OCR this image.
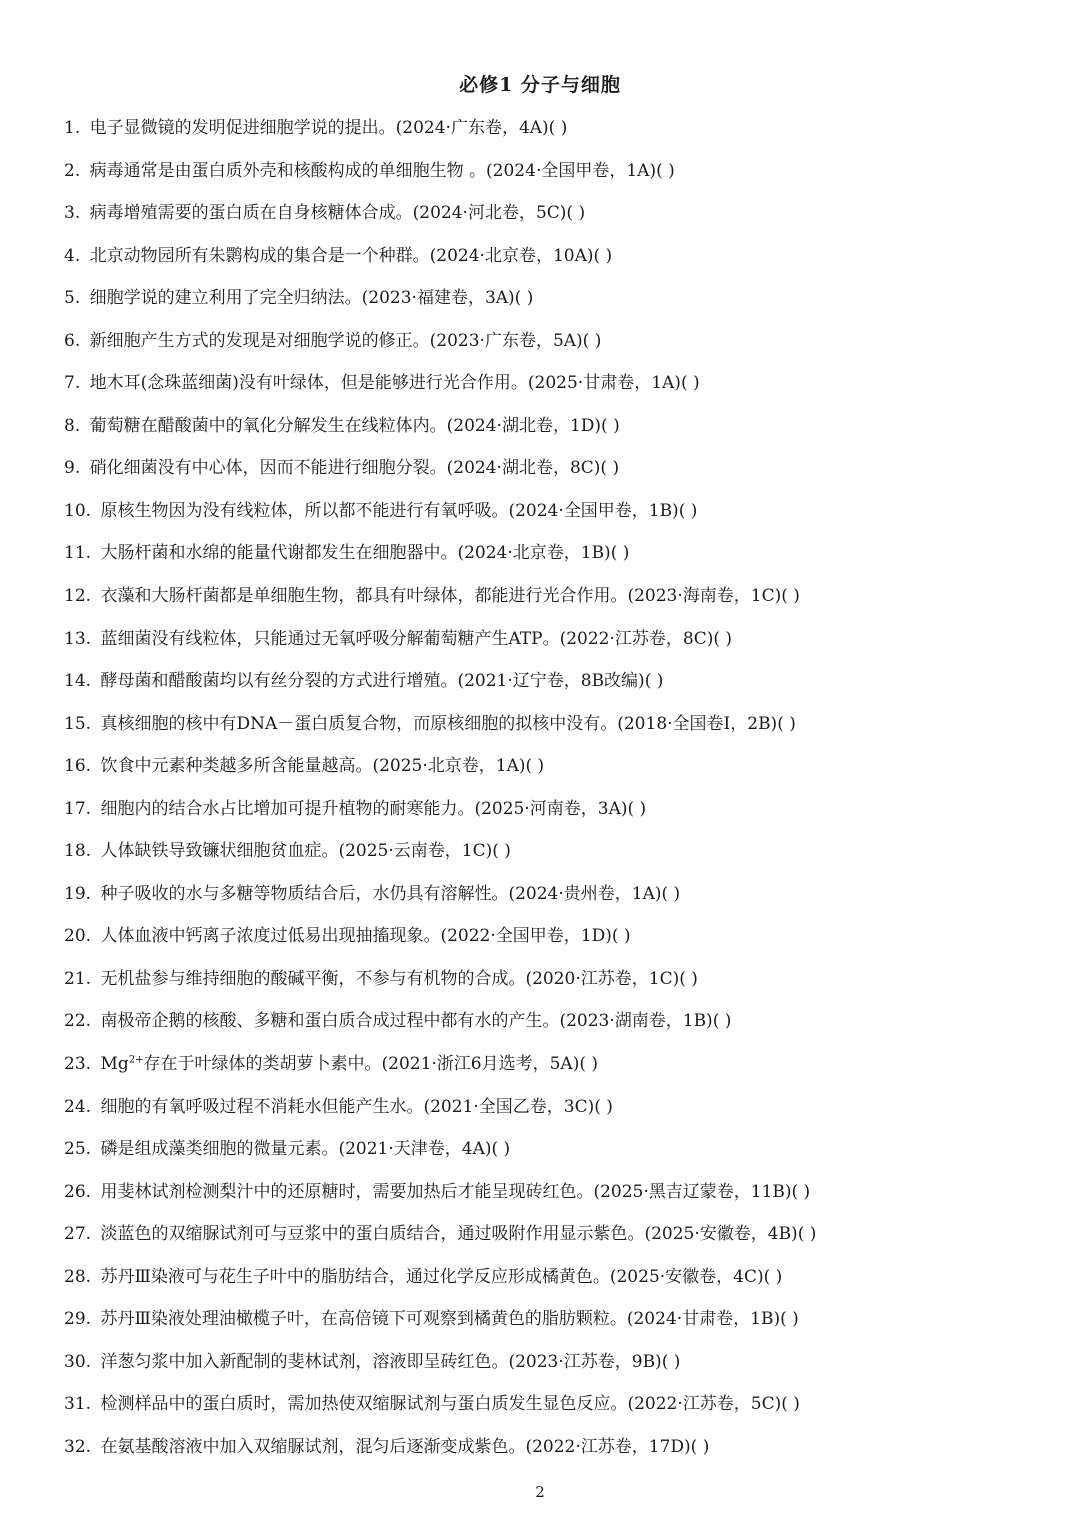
必修1 分子与细胞
1. 电子显微镜的发明促进细胞学说的提出。(2024·广东卷，4A)( )
2. 病毒通常是由蛋白质外壳和核酸构成的单细胞生物 。(2024·全国甲卷，1A)( )
3. 病毒增殖需要的蛋白质在自身核糖体合成。(2024·河北卷，5C)( )
4. 北京动物园所有朱鹮构成的集合是一个种群。(2024·北京卷，10A)( )
5. 细胞学说的建立利用了完全归纳法。(2023·福建卷，3A)( )
6. 新细胞产生方式的发现是对细胞学说的修正。(2023·广东卷，5A)( )
7. 地木耳(念珠蓝细菌)没有叶绿体，但是能够进行光合作用。(2025·甘肃卷，1A)( )
8. 葡萄糖在醋酸菌中的氧化分解发生在线粒体内。(2024·湖北卷，1D)( )
9. 硝化细菌没有中心体，因而不能进行细胞分裂。(2024·湖北卷，8C)( )
10. 原核生物因为没有线粒体，所以都不能进行有氧呼吸。(2024·全国甲卷，1B)( )
11. 大肠杆菌和水绵的能量代谢都发生在细胞器中。(2024·北京卷，1B)( )
12. 衣藻和大肠杆菌都是单细胞生物，都具有叶绿体，都能进行光合作用。(2023·海南卷，1C)( )
13. 蓝细菌没有线粒体，只能通过无氧呼吸分解葡萄糖产生ATP。(2022·江苏卷，8C)( )
14. 酵母菌和醋酸菌均以有丝分裂的方式进行增殖。(2021·辽宁卷，8B改编)( )
15. 真核细胞的核中有DNA－蛋白质复合物，而原核细胞的拟核中没有。(2018·全国卷Ⅰ，2B)( )
16. 饮食中元素种类越多所含能量越高。(2025·北京卷，1A)( )
17. 细胞内的结合水占比增加可提升植物的耐寒能力。(2025·河南卷，3A)( )
18. 人体缺铁导致镰状细胞贫血症。(2025·云南卷，1C)( )
19. 种子吸收的水与多糖等物质结合后，水仍具有溶解性。(2024·贵州卷，1A)( )
20. 人体血液中钙离子浓度过低易出现抽搐现象。(2022·全国甲卷，1D)( )
21. 无机盐参与维持细胞的酸碱平衡，不参与有机物的合成。(2020·江苏卷，1C)( )
22. 南极帝企鹅的核酸、多糖和蛋白质合成过程中都有水的产生。(2023·湖南卷，1B)( )
23. $Mg^{2+}$存在于叶绿体的类胡萝卜素中。(2021·浙江6月选考，5A)( )
24. 细胞的有氧呼吸过程不消耗水但能产生水。(2021·全国乙卷，3C)( )
25. 磷是组成藻类细胞的微量元素。(2021·天津卷，4A)( )
26. 用斐林试剂检测梨汁中的还原糖时，需要加热后才能呈现砖红色。(2025·黑吉辽蒙卷，11B)( )
27. 淡蓝色的双缩脲试剂可与豆浆中的蛋白质结合，通过吸附作用显示紫色。(2025·安徽卷，4B)( )
28. 苏丹Ⅲ染液可与花生子叶中的脂肪结合，通过化学反应形成橘黄色。(2025·安徽卷，4C)( )
29. 苏丹Ⅲ染液处理油橄榄子叶，在高倍镜下可观察到橘黄色的脂肪颗粒。(2024·甘肃卷，1B)( )
30. 洋葱匀浆中加入新配制的斐林试剂，溶液即呈砖红色。(2023·江苏卷，9B)( )
31. 检测样品中的蛋白质时，需加热使双缩脲试剂与蛋白质发生显色反应。(2022·江苏卷，5C)( )
32. 在氨基酸溶液中加入双缩脲试剂，混匀后逐渐变成紫色。(2022·江苏卷，17D)( )
2
